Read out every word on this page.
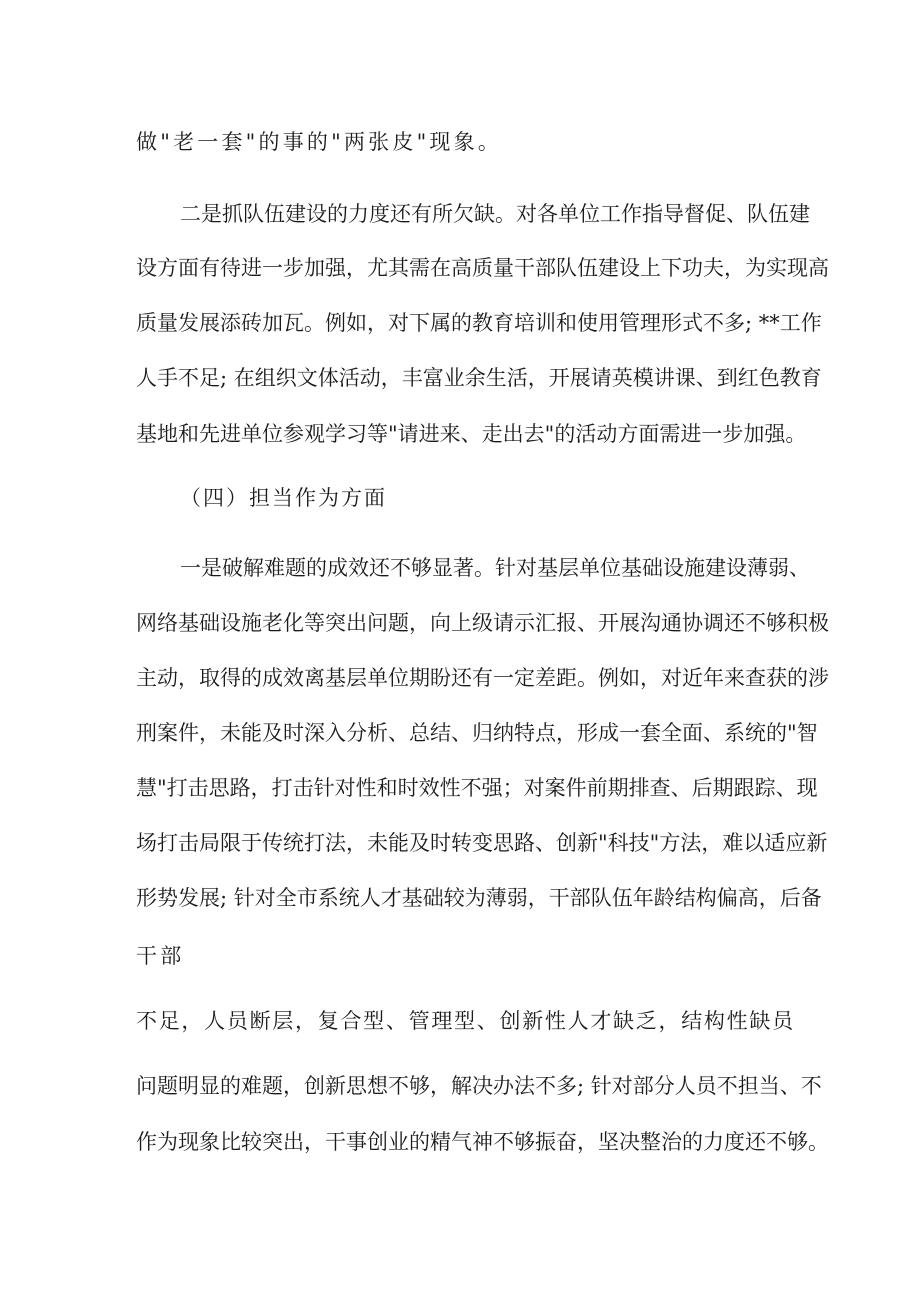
做"老一套"的事的"两张皮"现象。
二是抓队伍建设的力度还有所欠缺。对各单位工作指导督促、队伍建
设方面有待进一步加强，尤其需在高质量干部队伍建设上下功夫，为实现高
质量发展添砖加瓦。例如，对下属的教育培训和使用管理形式不多; **工作
人手不足; 在组织文体活动，丰富业余生活，开展请英模讲课、到红色教育
基地和先进单位参观学习等"请进来、走出去"的活动方面需进一步加强。
（四）担当作为方面
一是破解难题的成效还不够显著。针对基层单位基础设施建设薄弱、
网络基础设施老化等突出问题，向上级请示汇报、开展沟通协调还不够积极
主动，取得的成效离基层单位期盼还有一定差距。例如，对近年来查获的涉
刑案件，未能及时深入分析、总结、归纳特点，形成一套全面、系统的"智
慧"打击思路，打击针对性和时效性不强；对案件前期排查、后期跟踪、现
场打击局限于传统打法，未能及时转变思路、创新"科技"方法，难以适应新
形势发展; 针对全市系统人才基础较为薄弱，干部队伍年龄结构偏高，后备
干部
不足，人员断层，复合型、管理型、创新性人才缺乏，结构性缺员
问题明显的难题，创新思想不够，解决办法不多; 针对部分人员不担当、不
作为现象比较突出，干事创业的精气神不够振奋，坚决整治的力度还不够。
